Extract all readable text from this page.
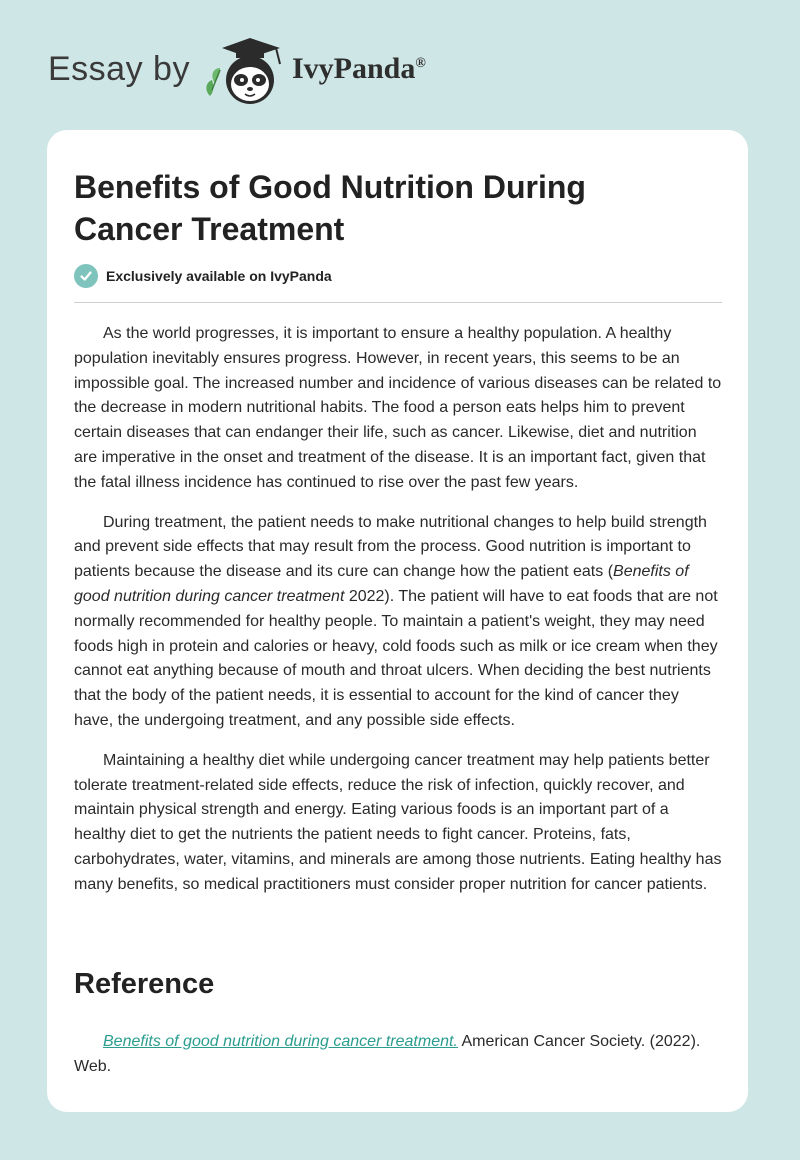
Essay by	IvyPanda®
Benefits of Good Nutrition During Cancer Treatment
Exclusively available on IvyPanda

As the world progresses, it is important to ensure a healthy population. A healthy population inevitably ensures progress. However, in recent years, this seems to be an impossible goal. The increased number and incidence of various diseases can be related to the decrease in modern nutritional habits. The food a person eats helps him to prevent certain diseases that can endanger their life, such as cancer. Likewise, diet and nutrition are imperative in the onset and treatment of the disease. It is an important fact, given that the fatal illness incidence has continued to rise over the past few years.

During treatment, the patient needs to make nutritional changes to help build strength and prevent side effects that may result from the process. Good nutrition is important to patients because the disease and its cure can change how the patient eats (Benefits of good nutrition during cancer treatment 2022). The patient will have to eat foods that are not normally recommended for healthy people. To maintain a patient's weight, they may need foods high in protein and calories or heavy, cold foods such as milk or ice cream when they cannot eat anything because of mouth and throat ulcers. When deciding the best nutrients that the body of the patient needs, it is essential to account for the kind of cancer they have, the undergoing treatment, and any possible side effects.

Maintaining a healthy diet while undergoing cancer treatment may help patients better tolerate treatment-related side effects, reduce the risk of infection, quickly recover, and maintain physical strength and energy. Eating various foods is an important part of a healthy diet to get the nutrients the patient needs to fight cancer. Proteins, fats, carbohydrates, water, vitamins, and minerals are among those nutrients. Eating healthy has many benefits, so medical practitioners must consider proper nutrition for cancer patients.

Reference

Benefits of good nutrition during cancer treatment. American Cancer Society. (2022). Web.
